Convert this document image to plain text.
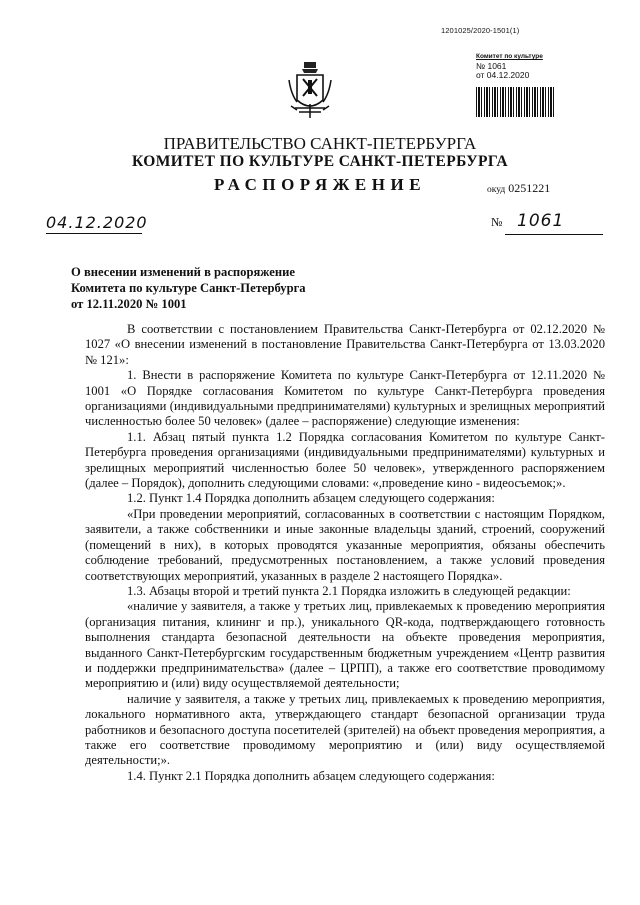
1201025/2020-1501(1)
Комитет по культуре
№ 1061
от 04.12.2020
ПРАВИТЕЛЬСТВО САНКТ-ПЕТЕРБУРГА
КОМИТЕТ ПО КУЛЬТУРЕ САНКТ-ПЕТЕРБУРГА
РАСПОРЯЖЕНИЕ	окуд 0251221
04.12.2020	№ 1061
О внесении изменений в распоряжение
Комитета по культуре Санкт-Петербурга
от 12.11.2020 № 1001

В соответствии с постановлением Правительства Санкт-Петербурга от 02.12.2020 № 1027 «О внесении изменений в постановление Правительства Санкт-Петербурга от 13.03.2020 № 121»:

1. Внести в распоряжение Комитета по культуре Санкт-Петербурга от 12.11.2020 № 1001 «О Порядке согласования Комитетом по культуре Санкт-Петербурга проведения организациями (индивидуальными предпринимателями) культурных и зрелищных мероприятий численностью более 50 человек» (далее – распоряжение) следующие изменения:

1.1. Абзац пятый пункта 1.2 Порядка согласования Комитетом по культуре Санкт-Петербурга проведения организациями (индивидуальными предпринимателями) культурных и зрелищных мероприятий численностью более 50 человек», утвержденного распоряжением (далее – Порядок), дополнить следующими словами: «,проведение кино - видеосъемок;».

1.2. Пункт 1.4 Порядка дополнить абзацем следующего содержания:

«При проведении мероприятий, согласованных в соответствии с настоящим Порядком, заявители, а также собственники и иные законные владельцы зданий, строений, сооружений (помещений в них), в которых проводятся указанные мероприятия, обязаны обеспечить соблюдение требований, предусмотренных постановлением, а также условий проведения соответствующих мероприятий, указанных в разделе 2 настоящего Порядка».

1.3. Абзацы второй и третий пункта 2.1 Порядка изложить в следующей редакции:

«наличие у заявителя, а также у третьих лиц, привлекаемых к проведению мероприятия (организация питания, клининг и пр.), уникального QR-кода, подтверждающего готовность выполнения стандарта безопасной деятельности на объекте проведения мероприятия, выданного Санкт-Петербургским государственным бюджетным учреждением «Центр развития и поддержки предпринимательства» (далее – ЦРПП), а также его соответствие проводимому мероприятию и (или) виду осуществляемой деятельности;

наличие у заявителя, а также у третьих лиц, привлекаемых к проведению мероприятия, локального нормативного акта, утверждающего стандарт безопасной организации труда работников и безопасного доступа посетителей (зрителей) на объект проведения мероприятия, а также его соответствие проводимому мероприятию и (или) виду осуществляемой деятельности;».

1.4. Пункт 2.1 Порядка дополнить абзацем следующего содержания:
